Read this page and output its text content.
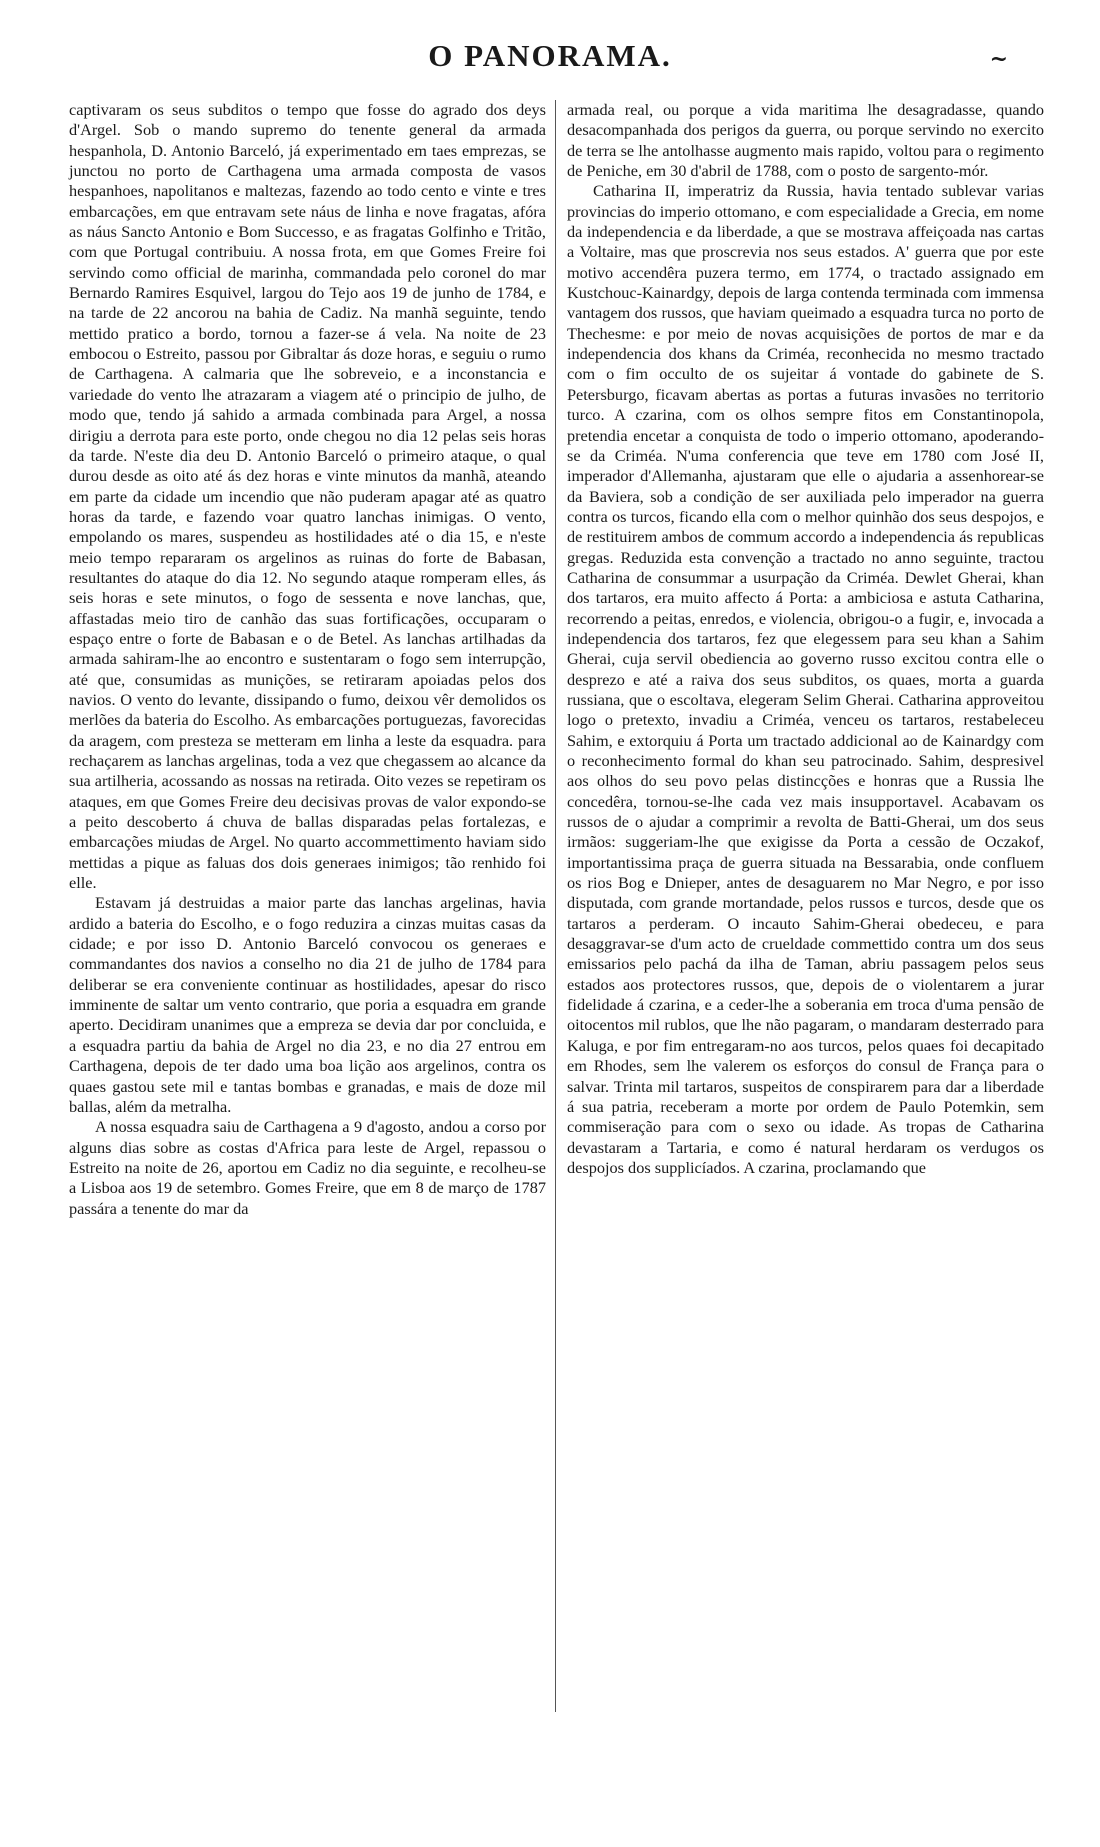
O PANORAMA.	~

captivaram os seus subditos o tempo que fosse do agrado dos deys d'Argel. Sob o mando supremo do tenente general da armada hespanhola, D. Antonio Barceló, já experimentado em taes emprezas, se junctou no porto de Carthagena uma armada composta de vasos hespanhoes, napolitanos e maltezas, fazendo ao todo cento e vinte e tres embarcações, em que entravam sete náus de linha e nove fragatas, afóra as náus Sancto Antonio e Bom Successo, e as fragatas Golfinho e Tritão, com que Portugal contribuiu. A nossa frota, em que Gomes Freire foi servindo como official de marinha, commandada pelo coronel do mar Bernardo Ramires Esquivel, largou do Tejo aos 19 de junho de 1784, e na tarde de 22 ancorou na bahia de Cadiz. Na manhã seguinte, tendo mettido pratico a bordo, tornou a fazer-se á vela. Na noite de 23 embocou o Estreito, passou por Gibraltar ás doze horas, e seguiu o rumo de Carthagena. A calmaria que lhe sobreveio, e a inconstancia e variedade do vento lhe atrazaram a viagem até o principio de julho, de modo que, tendo já sahido a armada combinada para Argel, a nossa dirigiu a derrota para este porto, onde chegou no dia 12 pelas seis horas da tarde. N'este dia deu D. Antonio Barceló o primeiro ataque, o qual durou desde as oito até ás dez horas e vinte minutos da manhã, ateando em parte da cidade um incendio que não puderam apagar até as quatro horas da tarde, e fazendo voar quatro lanchas inimigas. O vento, empolando os mares, suspendeu as hostilidades até o dia 15, e n'este meio tempo repararam os argelinos as ruinas do forte de Babasan, resultantes do ataque do dia 12. No segundo ataque romperam elles, ás seis horas e sete minutos, o fogo de sessenta e nove lanchas, que, affastadas meio tiro de canhão das suas fortificações, occuparam o espaço entre o forte de Babasan e o de Betel. As lanchas artilhadas da armada sahiram-lhe ao encontro e sustentaram o fogo sem interrupção, até que, consumidas as munições, se retiraram apoiadas pelos dos navios. O vento do levante, dissipando o fumo, deixou vêr demolidos os merlões da bateria do Escolho. As embarcações portuguezas, favorecidas da aragem, com presteza se metteram em linha a leste da esquadra. para rechaçarem as lanchas argelinas, toda a vez que chegassem ao alcance da sua artilheria, acossando as nossas na retirada. Oito vezes se repetiram os ataques, em que Gomes Freire deu decisivas provas de valor expondo-se a peito descoberto á chuva de ballas disparadas pelas fortalezas, e embarcações miudas de Argel. No quarto accommettimento haviam sido mettidas a pique as faluas dos dois generaes inimigos; tão renhido foi elle.

Estavam já destruidas a maior parte das lanchas argelinas, havia ardido a bateria do Escolho, e o fogo reduzira a cinzas muitas casas da cidade; e por isso D. Antonio Barceló convocou os generaes e commandantes dos navios a conselho no dia 21 de julho de 1784 para deliberar se era conveniente continuar as hostilidades, apesar do risco imminente de saltar um vento contrario, que poria a esquadra em grande aperto. Decidiram unanimes que a empreza se devia dar por concluida, e a esquadra partiu da bahia de Argel no dia 23, e no dia 27 entrou em Carthagena, depois de ter dado uma boa lição aos argelinos, contra os quaes gastou sete mil e tantas bombas e granadas, e mais de doze mil ballas, além da metralha.

A nossa esquadra saiu de Carthagena a 9 d'agosto, andou a corso por alguns dias sobre as costas d'Africa para leste de Argel, repassou o Estreito na noite de 26, aportou em Cadiz no dia seguinte, e recolheu-se a Lisboa aos 19 de setembro. Gomes Freire, que em 8 de março de 1787 passára a tenente do mar da

armada real, ou porque a vida maritima lhe desagradasse, quando desacompanhada dos perigos da guerra, ou porque servindo no exercito de terra se lhe antolhasse augmento mais rapido, voltou para o regimento de Peniche, em 30 d'abril de 1788, com o posto de sargento-mór.

Catharina II, imperatriz da Russia, havia tentado sublevar varias provincias do imperio ottomano, e com especialidade a Grecia, em nome da independencia e da liberdade, a que se mostrava affeiçoada nas cartas a Voltaire, mas que proscrevia nos seus estados. A' guerra que por este motivo accendêra puzera termo, em 1774, o tractado assignado em Kustchouc-Kainardgy, depois de larga contenda terminada com immensa vantagem dos russos, que haviam queimado a esquadra turca no porto de Thechesme: e por meio de novas acquisições de portos de mar e da independencia dos khans da Criméa, reconhecida no mesmo tractado com o fim occulto de os sujeitar á vontade do gabinete de S. Petersburgo, ficavam abertas as portas a futuras invasões no territorio turco. A czarina, com os olhos sempre fitos em Constantinopola, pretendia encetar a conquista de todo o imperio ottomano, apoderando-se da Criméa. N'uma conferencia que teve em 1780 com José II, imperador d'Allemanha, ajustaram que elle o ajudaria a assenhorear-se da Baviera, sob a condição de ser auxiliada pelo imperador na guerra contra os turcos, ficando ella com o melhor quinhão dos seus despojos, e de restituirem ambos de commum accordo a independencia ás republicas gregas. Reduzida esta convenção a tractado no anno seguinte, tractou Catharina de consummar a usurpação da Criméa. Dewlet Gherai, khan dos tartaros, era muito affecto á Porta: a ambiciosa e astuta Catharina, recorrendo a peitas, enredos, e violencia, obrigou-o a fugir, e, invocada a independencia dos tartaros, fez que elegessem para seu khan a Sahim Gherai, cuja servil obediencia ao governo russo excitou contra elle o desprezo e até a raiva dos seus subditos, os quaes, morta a guarda russiana, que o escoltava, elegeram Selim Gherai. Catharina approveitou logo o pretexto, invadiu a Criméa, venceu os tartaros, restabeleceu Sahim, e extorquiu á Porta um tractado addicional ao de Kainardgy com o reconhecimento formal do khan seu patrocinado. Sahim, despresivel aos olhos do seu povo pelas distincções e honras que a Russia lhe concedêra, tornou-se-lhe cada vez mais insupportavel. Acabavam os russos de o ajudar a comprimir a revolta de Batti-Gherai, um dos seus irmãos: suggeriam-lhe que exigisse da Porta a cessão de Oczakof, importantissima praça de guerra situada na Bessarabia, onde confluem os rios Bog e Dnieper, antes de desaguarem no Mar Negro, e por isso disputada, com grande mortandade, pelos russos e turcos, desde que os tartaros a perderam. O incauto Sahim-Gherai obedeceu, e para desaggravar-se d'um acto de crueldade commettido contra um dos seus emissarios pelo pachá da ilha de Taman, abriu passagem pelos seus estados aos protectores russos, que, depois de o violentarem a jurar fidelidade á czarina, e a ceder-lhe a soberania em troca d'uma pensão de oitocentos mil rublos, que lhe não pagaram, o mandaram desterrado para Kaluga, e por fim entregaram-no aos turcos, pelos quaes foi decapitado em Rhodes, sem lhe valerem os esforços do consul de França para o salvar. Trinta mil tartaros, suspeitos de conspirarem para dar a liberdade á sua patria, receberam a morte por ordem de Paulo Potemkin, sem commiseração para com o sexo ou idade. As tropas de Catharina devastaram a Tartaria, e como é natural herdaram os verdugos os despojos dos supplicíados. A czarina, proclamando que
